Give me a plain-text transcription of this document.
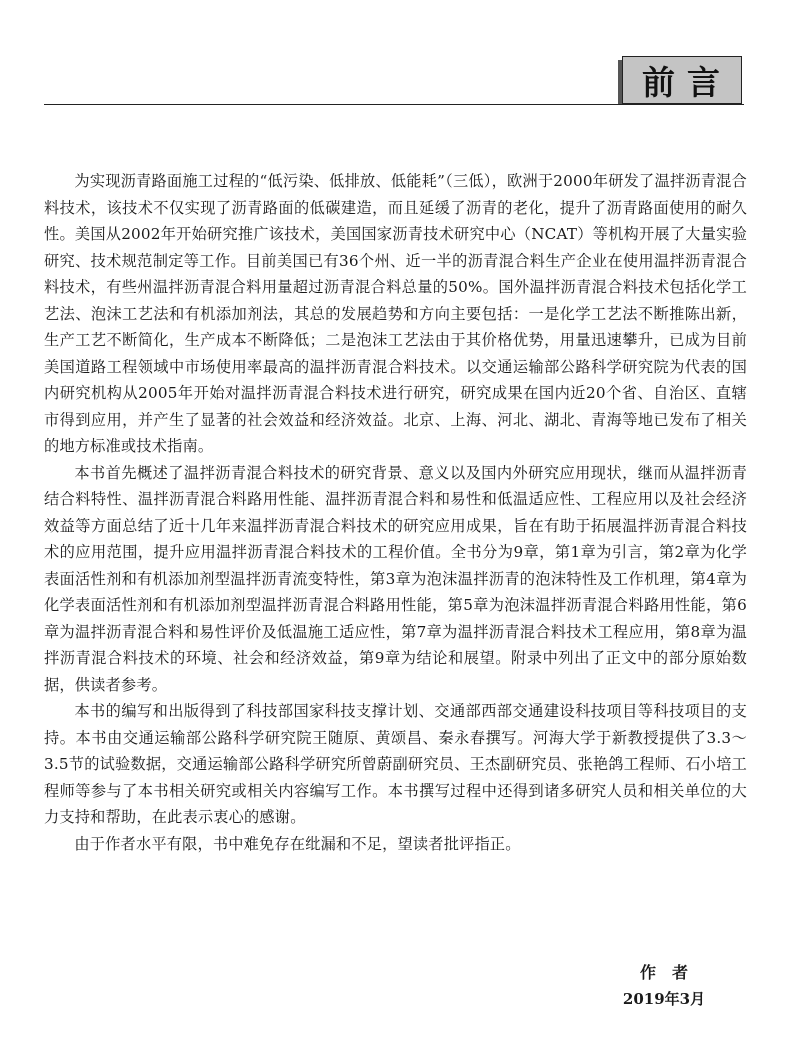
前言

为实现沥青路面施工过程的“低污染、低排放、低能耗”（三低），欧洲于2000年研发了温拌沥青混合料技术，该技术不仅实现了沥青路面的低碳建造，而且延缓了沥青的老化，提升了沥青路面使用的耐久性。美国从2002年开始研究推广该技术，美国国家沥青技术研究中心（NCAT）等机构开展了大量实验研究、技术规范制定等工作。目前美国已有36个州、近一半的沥青混合料生产企业在使用温拌沥青混合料技术，有些州温拌沥青混合料用量超过沥青混合料总量的50%。国外温拌沥青混合料技术包括化学工艺法、泡沫工艺法和有机添加剂法，其总的发展趋势和方向主要包括：一是化学工艺法不断推陈出新，生产工艺不断简化，生产成本不断降低；二是泡沫工艺法由于其价格优势，用量迅速攀升，已成为目前美国道路工程领域中市场使用率最高的温拌沥青混合料技术。以交通运输部公路科学研究院为代表的国内研究机构从2005年开始对温拌沥青混合料技术进行研究，研究成果在国内近20个省、自治区、直辖市得到应用，并产生了显著的社会效益和经济效益。北京、上海、河北、湖北、青海等地已发布了相关的地方标准或技术指南。

本书首先概述了温拌沥青混合料技术的研究背景、意义以及国内外研究应用现状，继而从温拌沥青结合料特性、温拌沥青混合料路用性能、温拌沥青混合料和易性和低温适应性、工程应用以及社会经济效益等方面总结了近十几年来温拌沥青混合料技术的研究应用成果，旨在有助于拓展温拌沥青混合料技术的应用范围，提升应用温拌沥青混合料技术的工程价值。全书分为9章，第1章为引言，第2章为化学表面活性剂和有机添加剂型温拌沥青流变特性，第3章为泡沫温拌沥青的泡沫特性及工作机理，第4章为化学表面活性剂和有机添加剂型温拌沥青混合料路用性能，第5章为泡沫温拌沥青混合料路用性能，第6章为温拌沥青混合料和易性评价及低温施工适应性，第7章为温拌沥青混合料技术工程应用，第8章为温拌沥青混合料技术的环境、社会和经济效益，第9章为结论和展望。附录中列出了正文中的部分原始数据，供读者参考。

本书的编写和出版得到了科技部国家科技支撑计划、交通部西部交通建设科技项目等科技项目的支持。本书由交通运输部公路科学研究院王随原、黄颂昌、秦永春撰写。河海大学于新教授提供了3.3～3.5节的试验数据，交通运输部公路科学研究所曾蔚副研究员、王杰副研究员、张艳鸽工程师、石小培工程师等参与了本书相关研究或相关内容编写工作。本书撰写过程中还得到诸多研究人员和相关单位的大力支持和帮助，在此表示衷心的感谢。

由于作者水平有限，书中难免存在纰漏和不足，望读者批评指正。

作者
2019年3月
